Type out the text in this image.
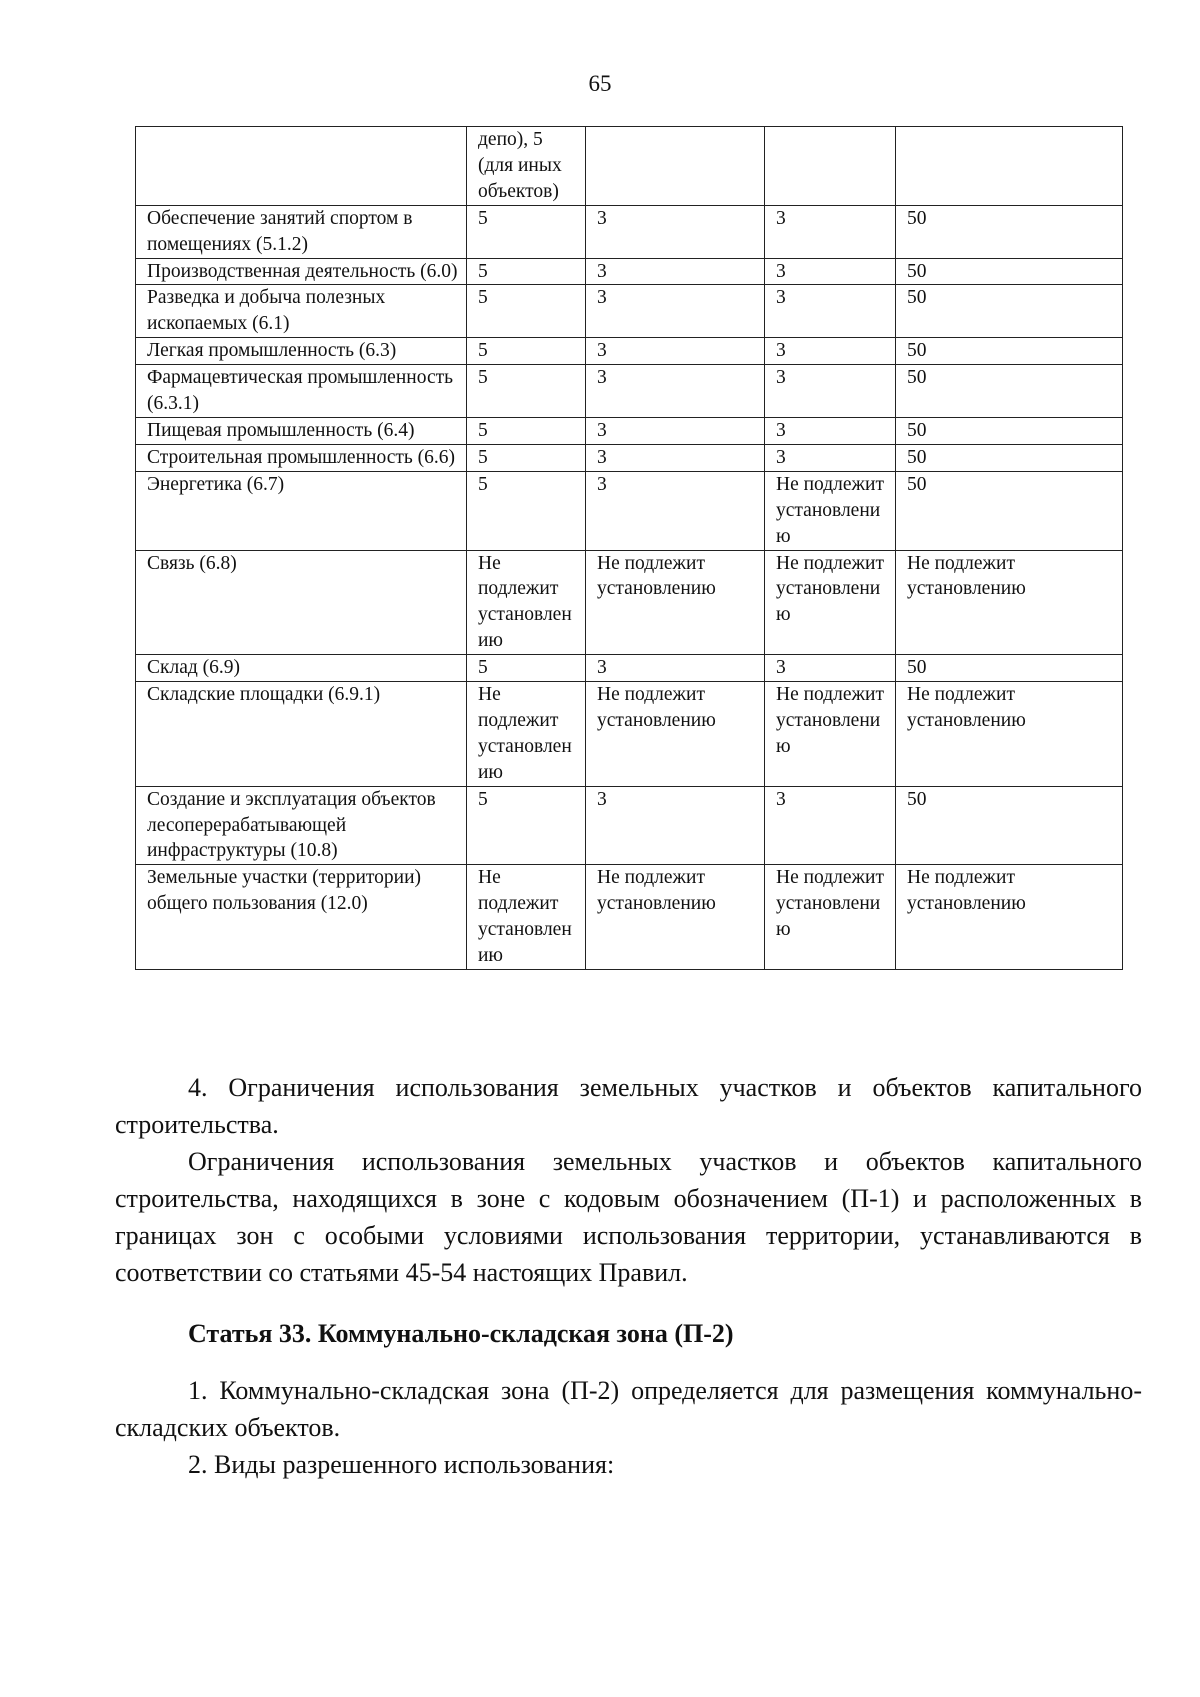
65
	депо), 5 (для иных объектов)			
Обеспечение занятий спортом в помещениях (5.1.2)	5	3	3	50
Производственная деятельность (6.0)	5	3	3	50
Разведка и добыча полезных ископаемых (6.1)	5	3	3	50
Легкая промышленность (6.3)	5	3	3	50
Фармацевтическая промышленность (6.3.1)	5	3	3	50
Пищевая промышленность (6.4)	5	3	3	50
Строительная промышленность (6.6)	5	3	3	50
Энергетика (6.7)	5	3	Не подлежит установлению	50
Связь (6.8)	Не подлежит установлению	Не подлежит установлению	Не подлежит установлению	Не подлежит установлению
Склад (6.9)	5	3	3	50
Складские площадки (6.9.1)	Не подлежит установлению	Не подлежит установлению	Не подлежит установлению	Не подлежит установлению
Создание и эксплуатация объектов лесоперерабатывающей инфраструктуры (10.8)	5	3	3	50
Земельные участки (территории) общего пользования (12.0)	Не подлежит установлению	Не подлежит установлению	Не подлежит установлению	Не подлежит установлению

4. Ограничения использования земельных участков и объектов капитального строительства.

Ограничения использования земельных участков и объектов капитального строительства, находящихся в зоне с кодовым обозначением (П-1) и расположенных в границах зон с особыми условиями использования территории, устанавливаются в соответствии со статьями 45-54 настоящих Правил.

Статья 33. Коммунально-складская зона (П-2)

1. Коммунально-складская зона (П-2) определяется для размещения коммунально-складских объектов.

2. Виды разрешенного использования:
